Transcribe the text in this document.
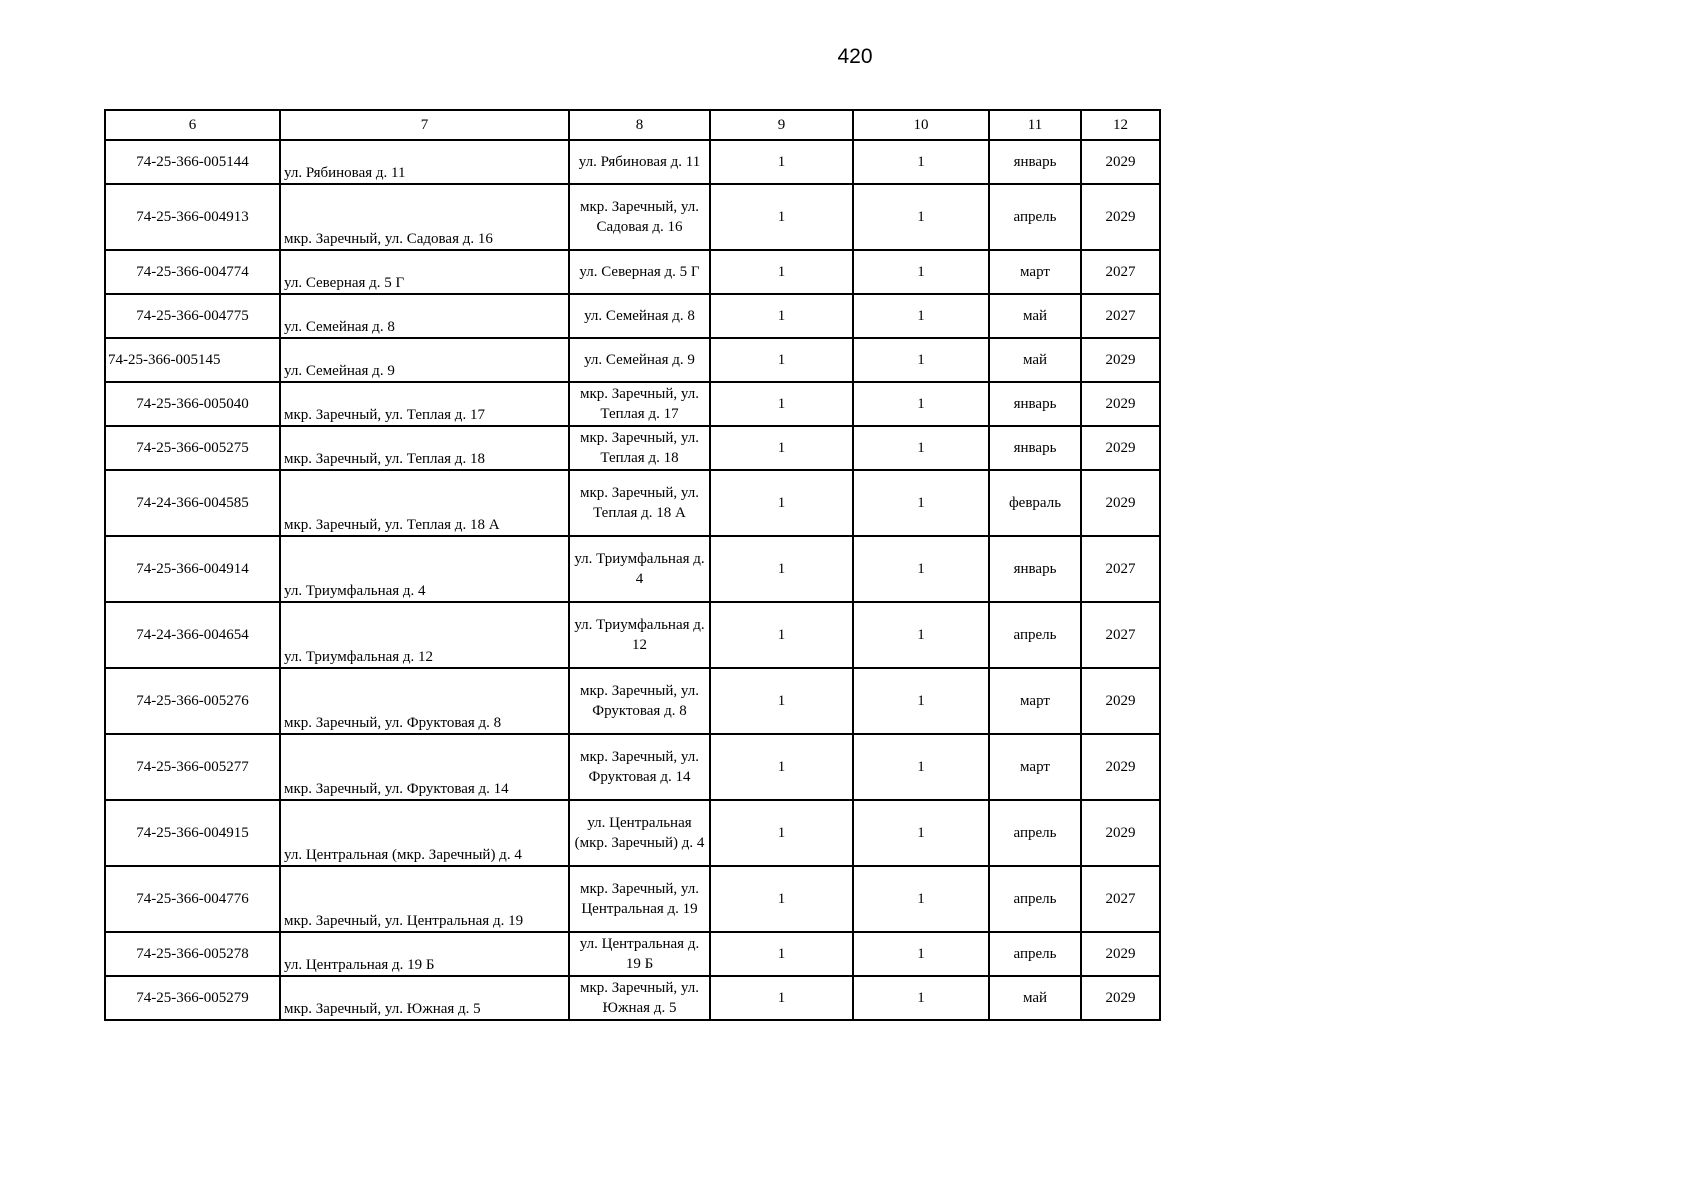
420
6	7	8	9	10	11	12
74-25-366-005144	ул. Рябиновая д. 11	ул. Рябиновая д. 11	1	1	январь	2029
74-25-366-004913	мкр. Заречный, ул. Садовая д. 16	мкр. Заречный, ул. Садовая д. 16	1	1	апрель	2029
74-25-366-004774	ул. Северная д. 5 Г	ул. Северная д. 5 Г	1	1	март	2027
74-25-366-004775	ул. Семейная д. 8	ул. Семейная д. 8	1	1	май	2027
74-25-366-005145	ул. Семейная д. 9	ул. Семейная д. 9	1	1	май	2029
74-25-366-005040	мкр. Заречный, ул. Теплая д. 17	мкр. Заречный, ул. Теплая д. 17	1	1	январь	2029
74-25-366-005275	мкр. Заречный, ул. Теплая д. 18	мкр. Заречный, ул. Теплая д. 18	1	1	январь	2029
74-24-366-004585	мкр. Заречный, ул. Теплая д. 18 А	мкр. Заречный, ул. Теплая д. 18 А	1	1	февраль	2029
74-25-366-004914	ул. Триумфальная д. 4	ул. Триумфальная д. 4	1	1	январь	2027
74-24-366-004654	ул. Триумфальная д. 12	ул. Триумфальная д. 12	1	1	апрель	2027
74-25-366-005276	мкр. Заречный, ул. Фруктовая д. 8	мкр. Заречный, ул. Фруктовая д. 8	1	1	март	2029
74-25-366-005277	мкр. Заречный, ул. Фруктовая д. 14	мкр. Заречный, ул. Фруктовая д. 14	1	1	март	2029
74-25-366-004915	ул. Центральная (мкр. Заречный) д. 4	ул. Центральная (мкр. Заречный) д. 4	1	1	апрель	2029
74-25-366-004776	мкр. Заречный, ул. Центральная д. 19	мкр. Заречный, ул. Центральная д. 19	1	1	апрель	2027
74-25-366-005278	ул. Центральная д. 19 Б	ул. Центральная д. 19 Б	1	1	апрель	2029
74-25-366-005279	мкр. Заречный, ул. Южная д. 5	мкр. Заречный, ул. Южная д. 5	1	1	май	2029
